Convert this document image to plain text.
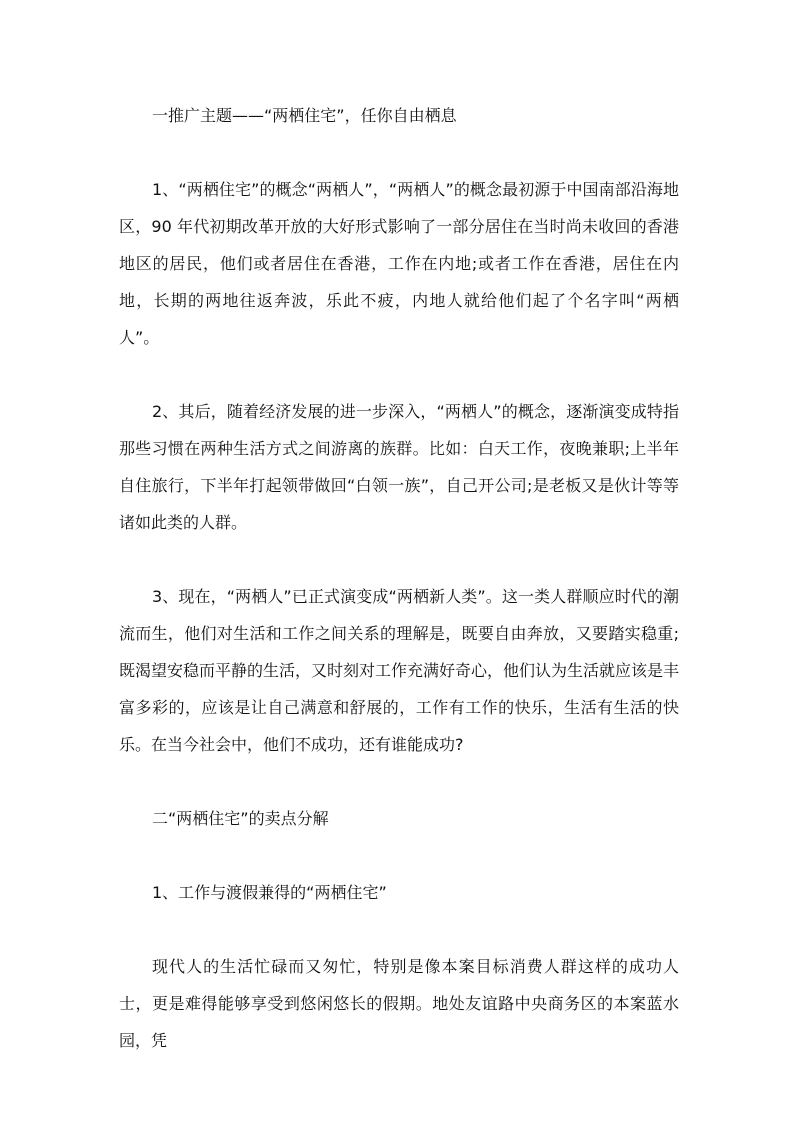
一推广主题——“两栖住宅”，任你自由栖息

1、“两栖住宅”的概念“两栖人”，“两栖人”的概念最初源于中国南部沿海地区，90 年代初期改革开放的大好形式影响了一部分居住在当时尚未收回的香港地区的居民，他们或者居住在香港，工作在内地;或者工作在香港，居住在内地，长期的两地往返奔波，乐此不疲，内地人就给他们起了个名字叫“两栖人”。

2、其后，随着经济发展的进一步深入，“两栖人”的概念，逐渐演变成特指那些习惯在两种生活方式之间游离的族群。比如：白天工作，夜晚兼职;上半年自住旅行，下半年打起领带做回“白领一族”，自己开公司;是老板又是伙计等等诸如此类的人群。

3、现在，“两栖人”已正式演变成“两栖新人类”。这一类人群顺应时代的潮流而生，他们对生活和工作之间关系的理解是，既要自由奔放，又要踏实稳重;既渴望安稳而平静的生活，又时刻对工作充满好奇心，他们认为生活就应该是丰富多彩的，应该是让自己满意和舒展的，工作有工作的快乐，生活有生活的快乐。在当今社会中，他们不成功，还有谁能成功?

二“两栖住宅”的卖点分解

1、工作与渡假兼得的“两栖住宅”

现代人的生活忙碌而又匆忙，特别是像本案目标消费人群这样的成功人士，更是难得能够享受到悠闲悠长的假期。地处友谊路中央商务区的本案蓝水园，凭
